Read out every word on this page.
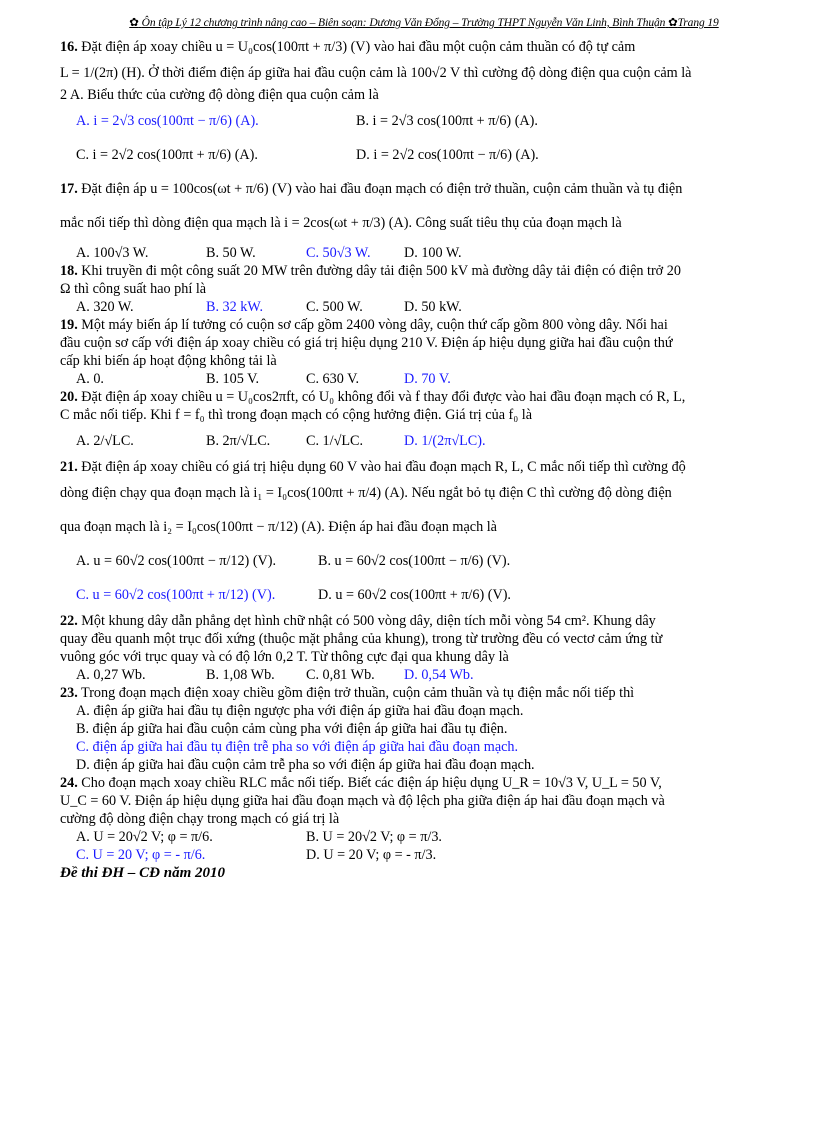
✿ Ôn tập Lý 12 chương trình nâng cao – Biên soạn: Dương Văn Đổng – Trường THPT Nguyễn Văn Linh, Bình Thuận ✿Trang 19

16. Đặt điện áp xoay chiều u = U₀cos(100πt + π/3) (V) vào hai đầu một cuộn cảm thuần có độ tự cảm

L = 1/(2π) (H). Ở thời điểm điện áp giữa hai đầu cuộn cảm là 100√2 V thì cường độ dòng điện qua cuộn cảm là

2 A. Biểu thức của cường độ dòng điện qua cuộn cảm là

A. i = 2√3 cos(100πt − π/6) (A).	B. i = 2√3 cos(100πt + π/6) (A).
C. i = 2√2 cos(100πt + π/6) (A).	D. i = 2√2 cos(100πt − π/6) (A).

17. Đặt điện áp u = 100cos(ωt + π/6) (V) vào hai đầu đoạn mạch có điện trở thuần, cuộn cảm thuần và tụ điện

mắc nối tiếp thì dòng điện qua mạch là i = 2cos(ωt + π/3) (A). Công suất tiêu thụ của đoạn mạch là

A. 100√3 W.	B. 50 W.	C. 50√3 W.	D. 100 W.

18. Khi truyền đi một công suất 20 MW trên đường dây tải điện 500 kV mà đường dây tải điện có điện trở 20

Ω thì công suất hao phí là

A. 320 W.	B. 32 kW.	C. 500 W.	D. 50 kW.

19. Một máy biến áp lí tưởng có cuộn sơ cấp gồm 2400 vòng dây, cuộn thứ cấp gồm 800 vòng dây. Nối hai

đầu cuộn sơ cấp với điện áp xoay chiều có giá trị hiệu dụng 210 V. Điện áp hiệu dụng giữa hai đầu cuộn thứ

cấp khi biến áp hoạt động không tải là

A. 0.	B. 105 V.	C. 630 V.	D. 70 V.

20. Đặt điện áp xoay chiều u = U₀cos2πft, có U₀ không đổi và f thay đổi được vào hai đầu đoạn mạch có R, L,

C mắc nối tiếp. Khi f = f₀ thì trong đoạn mạch có cộng hưởng điện. Giá trị của f₀ là

A. 2/√LC.	B. 2π/√LC.	C. 1/√LC.	D. 1/(2π√LC).

21. Đặt điện áp xoay chiều có giá trị hiệu dụng 60 V vào hai đầu đoạn mạch R, L, C mắc nối tiếp thì cường độ

dòng điện chạy qua đoạn mạch là i₁ = I₀cos(100πt + π/4) (A). Nếu ngắt bỏ tụ điện C thì cường độ dòng điện

qua đoạn mạch là i₂ = I₀cos(100πt − π/12) (A). Điện áp hai đầu đoạn mạch là

A. u = 60√2 cos(100πt − π/12) (V).	B. u = 60√2 cos(100πt − π/6) (V).
C. u = 60√2 cos(100πt + π/12) (V).	D. u = 60√2 cos(100πt + π/6) (V).

22. Một khung dây dẫn phẳng dẹt hình chữ nhật có 500 vòng dây, diện tích mỗi vòng 54 cm². Khung dây

quay đều quanh một trục đối xứng (thuộc mặt phẳng của khung), trong từ trường đều có vectơ cảm ứng từ

vuông góc với trục quay và có độ lớn 0,2 T. Từ thông cực đại qua khung dây là

A. 0,27 Wb.	B. 1,08 Wb.	C. 0,81 Wb.	D. 0,54 Wb.

23. Trong đoạn mạch điện xoay chiều gồm điện trở thuần, cuộn cảm thuần và tụ điện mắc nối tiếp thì

A. điện áp giữa hai đầu tụ điện ngược pha với điện áp giữa hai đầu đoạn mạch.

B. điện áp giữa hai đầu cuộn cảm cùng pha với điện áp giữa hai đầu tụ điện.

C. điện áp giữa hai đầu tụ điện trễ pha so với điện áp giữa hai đầu đoạn mạch.

D. điện áp giữa hai đầu cuộn cảm trễ pha so với điện áp giữa hai đầu đoạn mạch.

24. Cho đoạn mạch xoay chiều RLC mắc nối tiếp. Biết các điện áp hiệu dụng U_R = 10√3 V, U_L = 50 V,

U_C = 60 V. Điện áp hiệu dụng giữa hai đầu đoạn mạch và độ lệch pha giữa điện áp hai đầu đoạn mạch và

cường độ dòng điện chạy trong mạch có giá trị là

A. U = 20√2 V; φ = π/6.	B. U = 20√2 V; φ = π/3.
C. U = 20 V; φ = - π/6.	D. U = 20 V; φ = - π/3.

Đề thi ĐH – CĐ năm 2010
